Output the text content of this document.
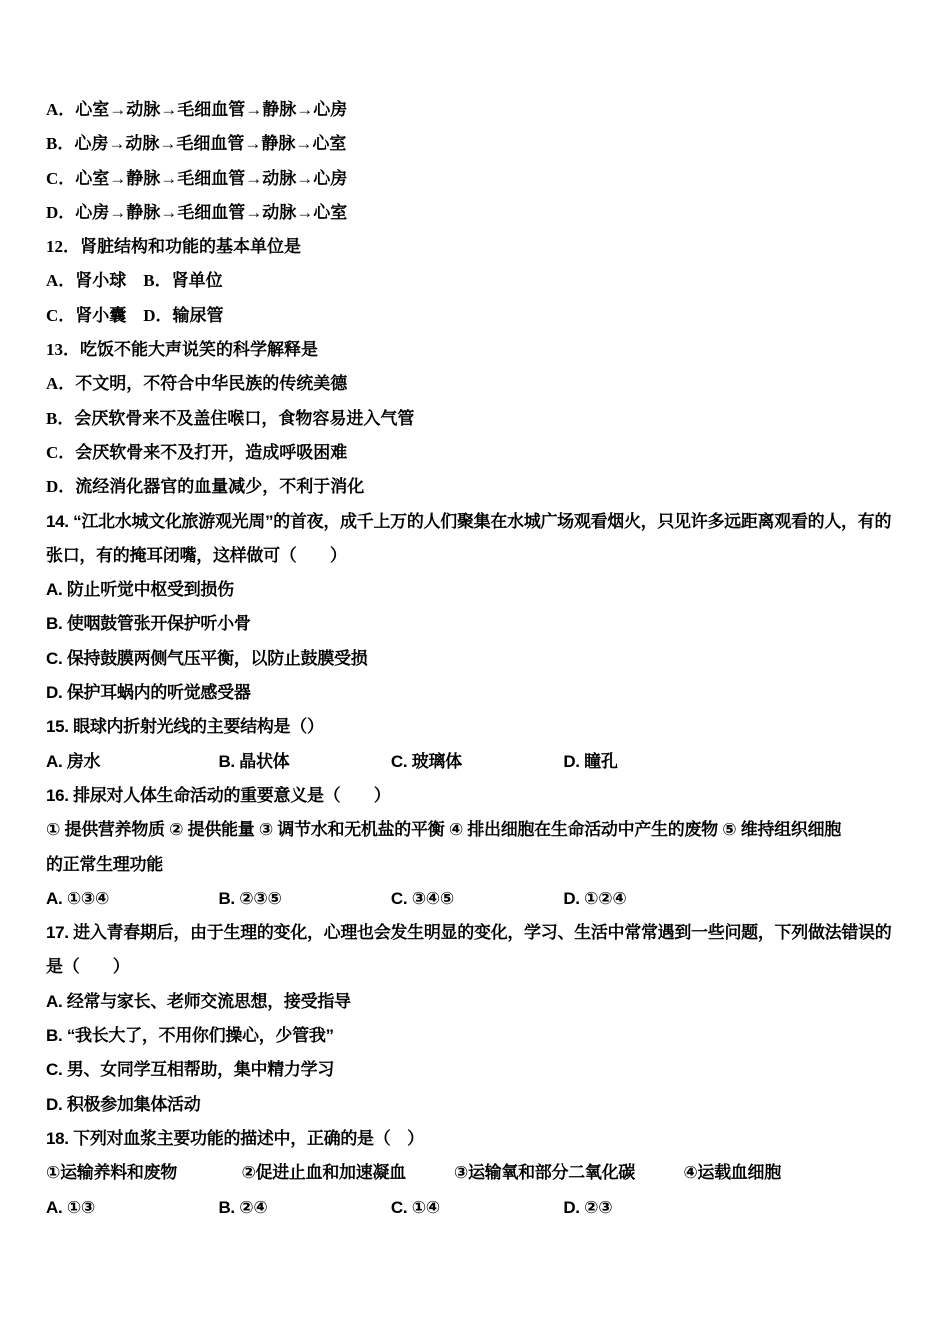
A．心室→动脉→毛细血管→静脉→心房
B．心房→动脉→毛细血管→静脉→心室
C．心室→静脉→毛细血管→动脉→心房
D．心房→静脉→毛细血管→动脉→心室
12．肾脏结构和功能的基本单位是
A．肾小球　B．肾单位
C．肾小囊　D．输尿管
13．吃饭不能大声说笑的科学解释是
A．不文明，不符合中华民族的传统美德
B．会厌软骨来不及盖住喉口，食物容易进入气管
C．会厌软骨来不及打开，造成呼吸困难
D．流经消化器官的血量减少，不利于消化
14. “江北水城文化旅游观光周”的首夜，成千上万的人们聚集在水城广场观看烟火，只见许多远距离观看的人，有的
张口，有的掩耳闭嘴，这样做可（　　）
A. 防止听觉中枢受到损伤
B. 使咽鼓管张开保护听小骨
C. 保持鼓膜两侧气压平衡，以防止鼓膜受损
D. 保护耳蜗内的听觉感受器
15. 眼球内折射光线的主要结构是（）
A. 房水	B. 晶状体	C. 玻璃体	D. 瞳孔
16. 排尿对人体生命活动的重要意义是（　　）
① 提供营养物质 ② 提供能量 ③ 调节水和无机盐的平衡 ④ 排出细胞在生命活动中产生的废物 ⑤ 维持组织细胞
的正常生理功能
A. ①③④	B. ②③⑤	C. ③④⑤	D. ①②④
17. 进入青春期后，由于生理的变化，心理也会发生明显的变化，学习、生活中常常遇到一些问题，下列做法错误的
是（　　）
A. 经常与家长、老师交流思想，接受指导
B. “我长大了，不用你们操心，少管我”
C. 男、女同学互相帮助，集中精力学习
D. 积极参加集体活动
18. 下列对血浆主要功能的描述中，正确的是（　）
①运输养料和废物	②促进止血和加速凝血	③运输氧和部分二氧化碳	④运载血细胞
A. ①③	B. ②④	C. ①④	D. ②③
